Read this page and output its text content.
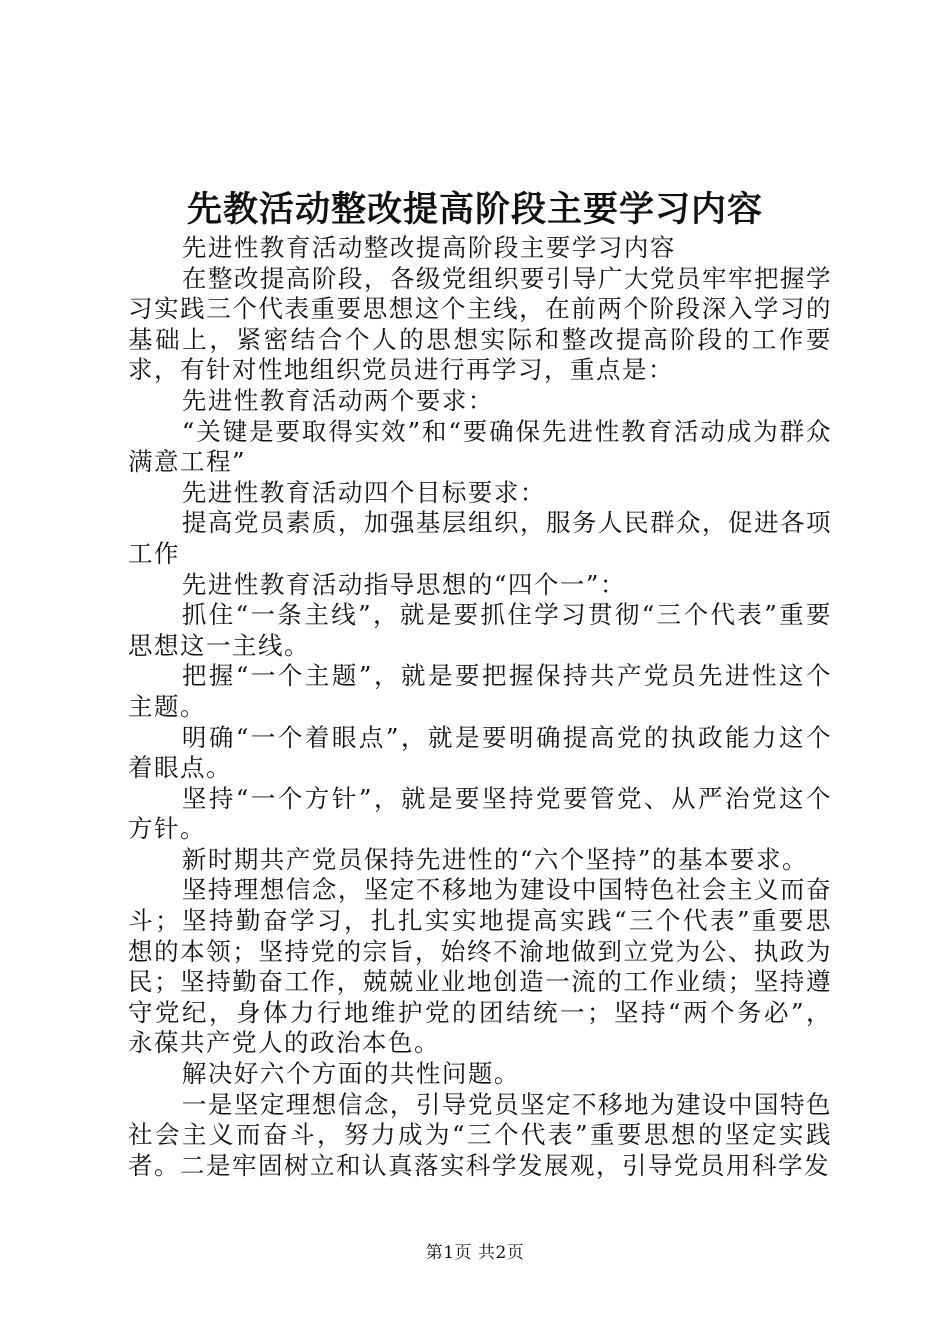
先教活动整改提高阶段主要学习内容

先进性教育活动整改提高阶段主要学习内容

在整改提高阶段，各级党组织要引导广大党员牢牢把握学习实践三个代表重要思想这个主线，在前两个阶段深入学习的基础上，紧密结合个人的思想实际和整改提高阶段的工作要求，有针对性地组织党员进行再学习，重点是：

先进性教育活动两个要求：

“关键是要取得实效”和“要确保先进性教育活动成为群众满意工程”

先进性教育活动四个目标要求：

提高党员素质，加强基层组织，服务人民群众，促进各项工作

先进性教育活动指导思想的“四个一”：

抓住“一条主线”，就是要抓住学习贯彻“三个代表”重要思想这一主线。

把握“一个主题”，就是要把握保持共产党员先进性这个主题。

明确“一个着眼点”，就是要明确提高党的执政能力这个着眼点。

坚持“一个方针”，就是要坚持党要管党、从严治党这个方针。

新时期共产党员保持先进性的“六个坚持”的基本要求。

坚持理想信念，坚定不移地为建设中国特色社会主义而奋斗；坚持勤奋学习，扎扎实实地提高实践“三个代表”重要思想的本领；坚持党的宗旨，始终不渝地做到立党为公、执政为民；坚持勤奋工作，兢兢业业地创造一流的工作业绩；坚持遵守党纪，身体力行地维护党的团结统一；坚持“两个务必”，永葆共产党人的政治本色。

解决好六个方面的共性问题。

一是坚定理想信念，引导党员坚定不移地为建设中国特色社会主义而奋斗，努力成为“三个代表”重要思想的坚定实践者。二是牢固树立和认真落实科学发展观，引导党员用科学发

第1页 共2页
